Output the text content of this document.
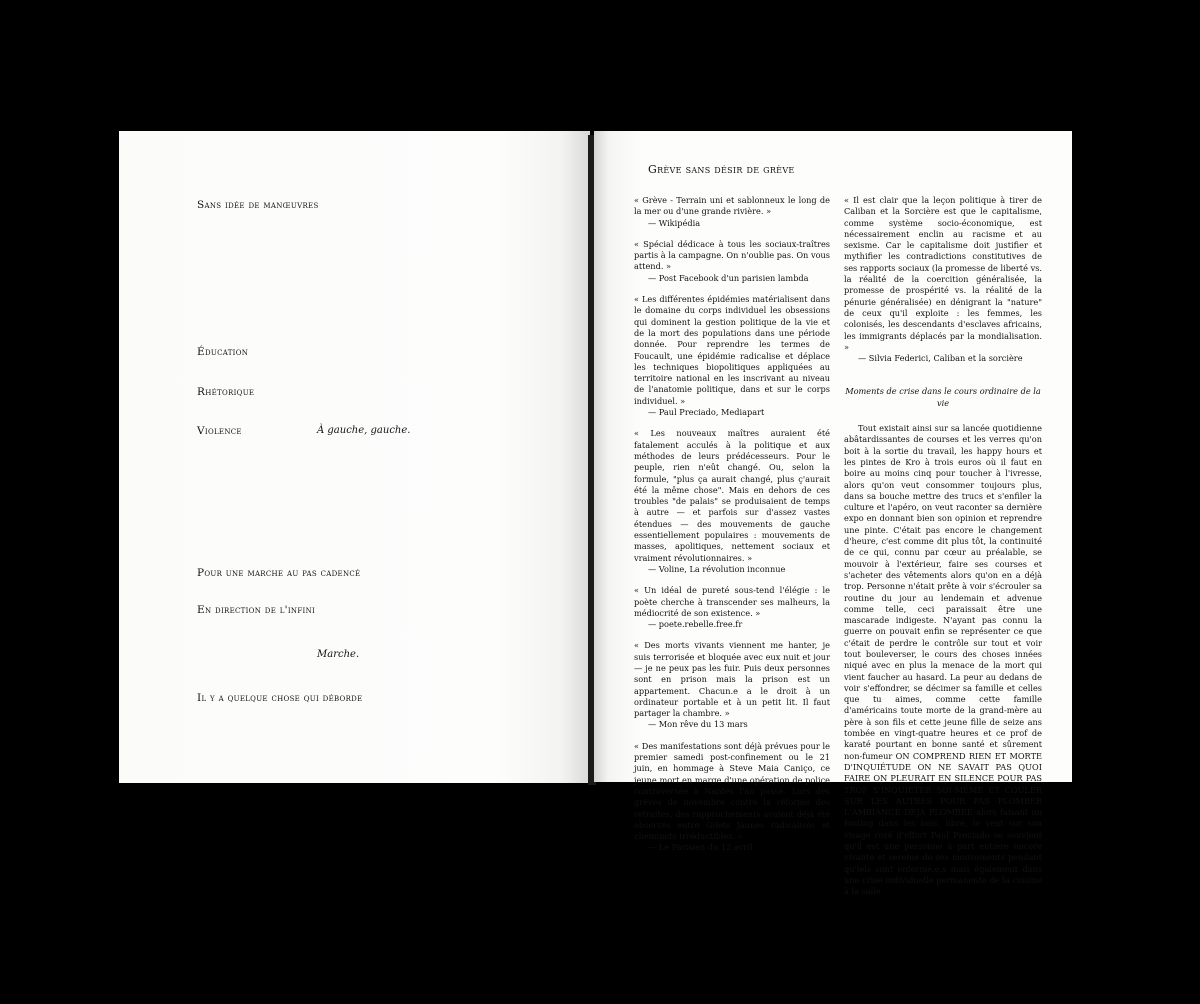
Sans idée de manœuvres
Éducation
Rhétorique
Violence	À gauche, gauche.
Pour une marche au pas cadencé
En direction de l'infini
Marche.
Il y a quelque chose qui déborde
Grève sans désir de grève

« Grève - Terrain uni et sablonneux le long de la mer ou d'une grande rivière. »

— Wikipédia

« Spécial dédicace à tous les sociaux-traîtres partis à la campagne. On n'oublie pas. On vous attend. »

— Post Facebook d'un parisien lambda

« Les différentes épidémies matérialisent dans le domaine du corps individuel les obsessions qui dominent la gestion politique de la vie et de la mort des populations dans une période donnée. Pour reprendre les termes de Foucault, une épidémie radicalise et déplace les techniques biopolitiques appliquées au territoire national en les inscrivant au niveau de l'anatomie politique, dans et sur le corps individuel. »

— Paul Preciado, Mediapart

« Les nouveaux maîtres auraient été fatalement acculés à la politique et aux méthodes de leurs prédécesseurs. Pour le peuple, rien n'eût changé. Ou, selon la formule, "plus ça aurait changé, plus ç'aurait été la même chose". Mais en dehors de ces troubles "de palais" se produisaient de temps à autre — et parfois sur d'assez vastes étendues — des mouvements de gauche essentiellement populaires : mouvements de masses, apolitiques, nettement sociaux et vraiment révolutionnaires. »

— Voline, La révolution inconnue

« Un idéal de pureté sous-tend l'élégie : le poète cherche à transcender ses malheurs, la médiocrité de son existence. »

— poete.rebelle.free.fr

« Des morts vivants viennent me hanter, je suis terrorisée et bloquée avec eux nuit et jour — je ne peux pas les fuir. Puis deux personnes sont en prison mais la prison est un appartement. Chacun.e a le droit à un ordinateur portable et à un petit lit. Il faut partager la chambre. »

— Mon rêve du 13 mars

« Des manifestations sont déjà prévues pour le premier samedi post-confinement ou le 21 juin, en hommage à Steve Maia Caniço, ce jeune mort en marge d'une opération de police controversée à Nantes l'an passé. Lors des grèves de novembre contre la réforme des retraites, des rapprochements avaient déjà été observés entre Gilets Jaunes radicalisés et cheminots irréductibles. »

— Le Parisien du 12 avril

« Il est clair que la leçon politique à tirer de Caliban et la Sorcière est que le capitalisme, comme système socio-économique, est nécessairement enclin au racisme et au sexisme. Car le capitalisme doit justifier et mythifier les contradictions constitutives de ses rapports sociaux (la promesse de liberté vs. la réalité de la coercition généralisée, la promesse de prospérité vs. la réalité de la pénurie généralisée) en dénigrant la "nature" de ceux qu'il exploite : les femmes, les colonisés, les descendants d'esclaves africains, les immigrants déplacés par la mondialisation. »

— Silvia Federici, Caliban et la sorcière

Moments de crise dans le cours ordinaire de la vie

Tout existait ainsi sur sa lancée quotidienne abâtardissantes de courses et les verres qu'on boit à la sortie du travail, les happy hours et les pintes de Kro à trois euros où il faut en boire au moins cinq pour toucher à l'ivresse, alors qu'on veut consommer toujours plus, dans sa bouche mettre des trucs et s'enfiler la culture et l'apéro, on veut raconter sa dernière expo en donnant bien son opinion et reprendre une pinte. C'était pas encore le changement d'heure, c'est comme dit plus tôt, la continuité de ce qui, connu par cœur au préalable, se mouvoir à l'extérieur, faire ses courses et s'acheter des vêtements alors qu'on en a déjà trop. Personne n'était prête à voir s'écrouler sa routine du jour au lendemain et advenue comme telle, ceci paraissait être une mascarade indigeste. N'ayant pas connu la guerre on pouvait enfin se représenter ce que c'était de perdre le contrôle sur tout et voir tout bouleverser, le cours des choses innées niqué avec en plus la menace de la mort qui vient faucher au hasard. La peur au dedans de voir s'effondrer, se décimer sa famille et celles que tu aimes, comme cette famille d'américains toute morte de la grand-mère au père à son fils et cette jeune fille de seize ans tombée en vingt-quatre heures et ce prof de karaté pourtant en bonne santé et sûrement non-fumeur ON COMPREND RIEN ET MORTE D'INQUIÉTUDE ON NE SAVAIT PAS QUOI FAIRE ON PLEURAIT EN SILENCE POUR PAS TROP S'INQUIÉTER SOI-MÊME ET COULER SUR LES AUTRES POUR PAS PLOMBER L'AMBIANCE DÉJÀ PLOMBÉE alors faisant un footing dans les bois, libre, le vent sur son visage rosé d'effort Paul Preciado se souvient qu'il est une personne à part entière encore vivante et sereine de ses mouvements pendant qu'iels sont enfermé.e.s mais également dans une crise individuelle permanente de la cuisine à la salle
